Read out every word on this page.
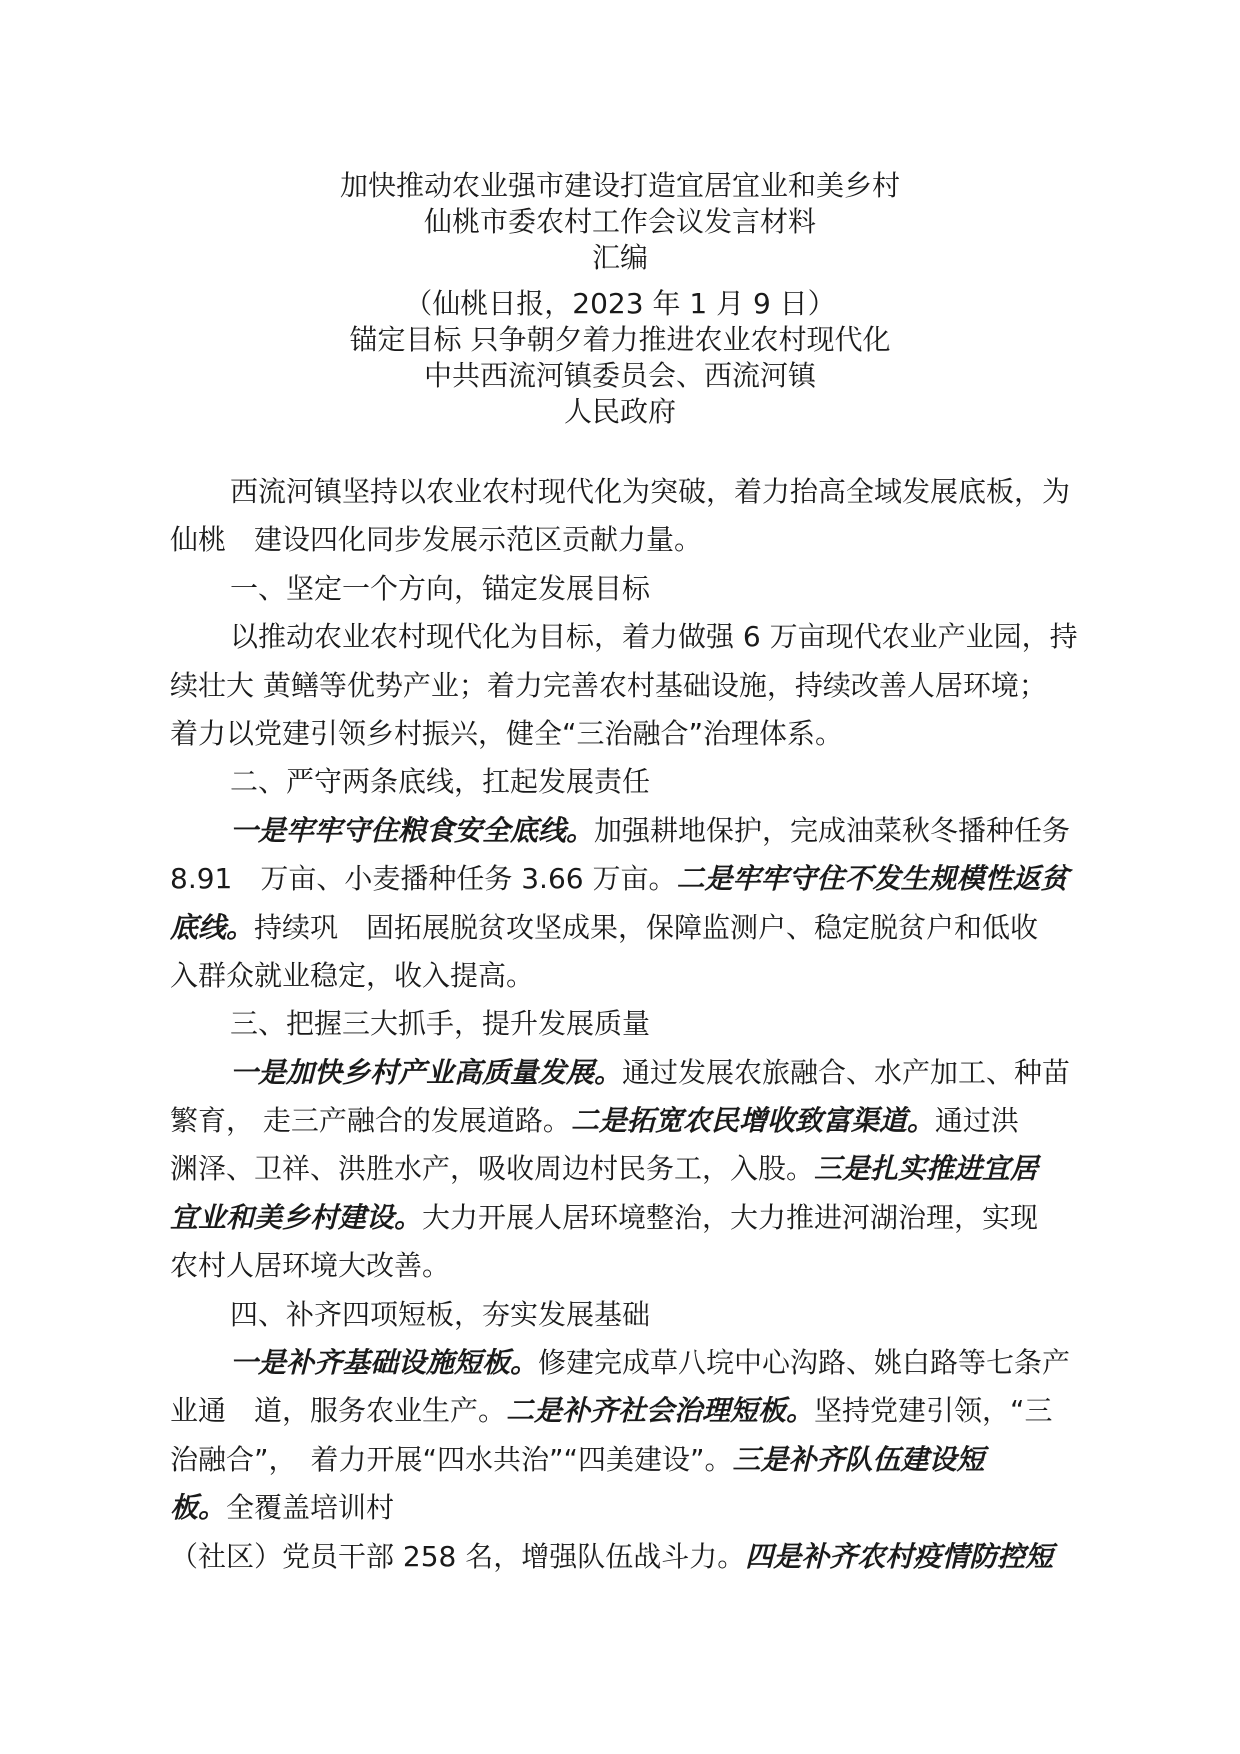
加快推动农业强市建设打造宜居宜业和美乡村
仙桃市委农村工作会议发言材料
汇编
（仙桃日报，2023 年 1 月 9 日）
锚定目标 只争朝夕着力推进农业农村现代化
中共西流河镇委员会、西流河镇
人民政府
西流河镇坚持以农业农村现代化为突破，着力抬高全域发展底板，为
仙桃　建设四化同步发展示范区贡献力量。
一、坚定一个方向，锚定发展目标
以推动农业农村现代化为目标，着力做强 6 万亩现代农业产业园，持
续壮大 黄鳝等优势产业；着力完善农村基础设施，持续改善人居环境；
着力以党建引领乡村振兴，健全“三治融合”治理体系。
二、严守两条底线，扛起发展责任
一是牢牢守住粮食安全底线。加强耕地保护，完成油菜秋冬播种任务
8.91　万亩、小麦播种任务 3.66 万亩。二是牢牢守住不发生规模性返贫
底线。持续巩　固拓展脱贫攻坚成果，保障监测户、稳定脱贫户和低收
入群众就业稳定，收入提高。
三、把握三大抓手，提升发展质量
一是加快乡村产业高质量发展。通过发展农旅融合、水产加工、种苗
繁育， 走三产融合的发展道路。二是拓宽农民增收致富渠道。通过洪
渊泽、卫祥、洪胜水产，吸收周边村民务工，入股。三是扎实推进宜居
宜业和美乡村建设。大力开展人居环境整治，大力推进河湖治理，实现
农村人居环境大改善。
四、补齐四项短板，夯实发展基础
一是补齐基础设施短板。修建完成草八垸中心沟路、姚白路等七条产
业通　道，服务农业生产。二是补齐社会治理短板。坚持党建引领，“三
治融合”，　着力开展“四水共治”“四美建设”。三是补齐队伍建设短
板。全覆盖培训村
（社区）党员干部 258 名，增强队伍战斗力。四是补齐农村疫情防控短
